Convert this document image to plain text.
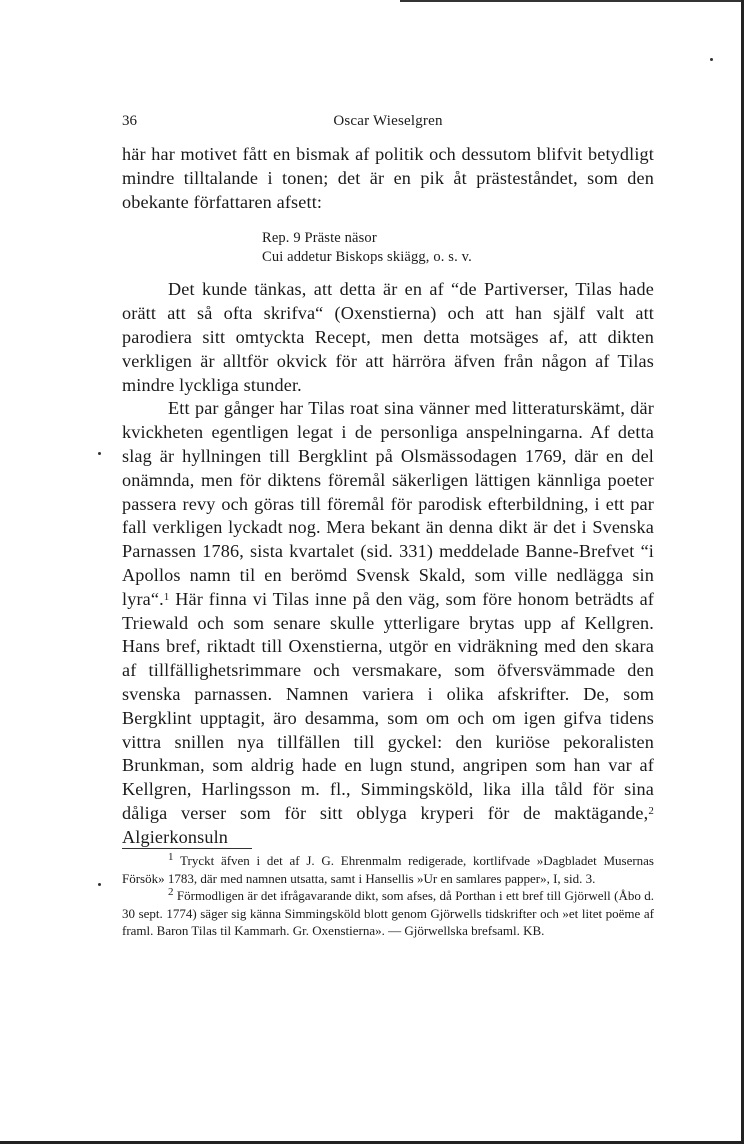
36	Oscar Wieselgren

här har motivet fått en bismak af politik och dessutom blifvit betydligt mindre tilltalande i tonen; det är en pik åt prästeståndet, som den obekante författaren afsett:

Rep. 9 Präste näsor
Cui addetur Biskops skiägg, o. s. v.

Det kunde tänkas, att detta är en af “de Partiverser, Tilas hade orätt att så ofta skrifva“ (Oxenstierna) och att han själf valt att parodiera sitt omtyckta Recept, men detta motsäges af, att dikten verkligen är alltför okvick för att härröra äfven från någon af Tilas mindre lyckliga stunder.

Ett par gånger har Tilas roat sina vänner med litteraturskämt, där kvickheten egentligen legat i de personliga anspelningarna. Af detta slag är hyllningen till Bergklint på Olsmässodagen 1769, där en del onämnda, men för diktens föremål säkerligen lättigen kännliga poeter passera revy och göras till föremål för parodisk efterbildning, i ett par fall verkligen lyckadt nog. Mera bekant än denna dikt är det i Svenska Parnassen 1786, sista kvartalet (sid. 331) meddelade Banne-Brefvet “i Apollos namn til en berömd Svensk Skald, som ville nedlägga sin lyra“.$^1$ Här finna vi Tilas inne på den väg, som före honom beträdts af Triewald och som senare skulle ytterligare brytas upp af Kellgren. Hans bref, riktadt till Oxenstierna, utgör en vidräkning med den skara af tillfällighetsrimmare och versmakare, som öfversvämmade den svenska parnassen. Namnen variera i olika afskrifter. De, som Bergklint upptagit, äro desamma, som om och om igen gifva tidens vittra snillen nya tillfällen till gyckel: den kuriöse pekoralisten Brunkman, som aldrig hade en lugn stund, angripen som han var af Kellgren, Harlingsson m. fl., Simmingsköld, lika illa tåld för sina dåliga verser som för sitt oblyga kryperi för de maktägande,$^2$ Algierkonsuln

$^1$ Tryckt äfven i det af J. G. Ehrenmalm redigerade, kortlifvade »Dagbladet Musernas Försök» 1783, där med namnen utsatta, samt i Hansellis »Ur en samlares papper», I, sid. 3.

$^2$ Förmodligen är det ifrågavarande dikt, som afses, då Porthan i ett bref till Gjörwell (Åbo d. 30 sept. 1774) säger sig känna Simmingsköld blott genom Gjörwells tidskrifter och »et litet poëme af framl. Baron Tilas til Kammarh. Gr. Oxenstierna». — Gjörwellska brefsaml. KB.
